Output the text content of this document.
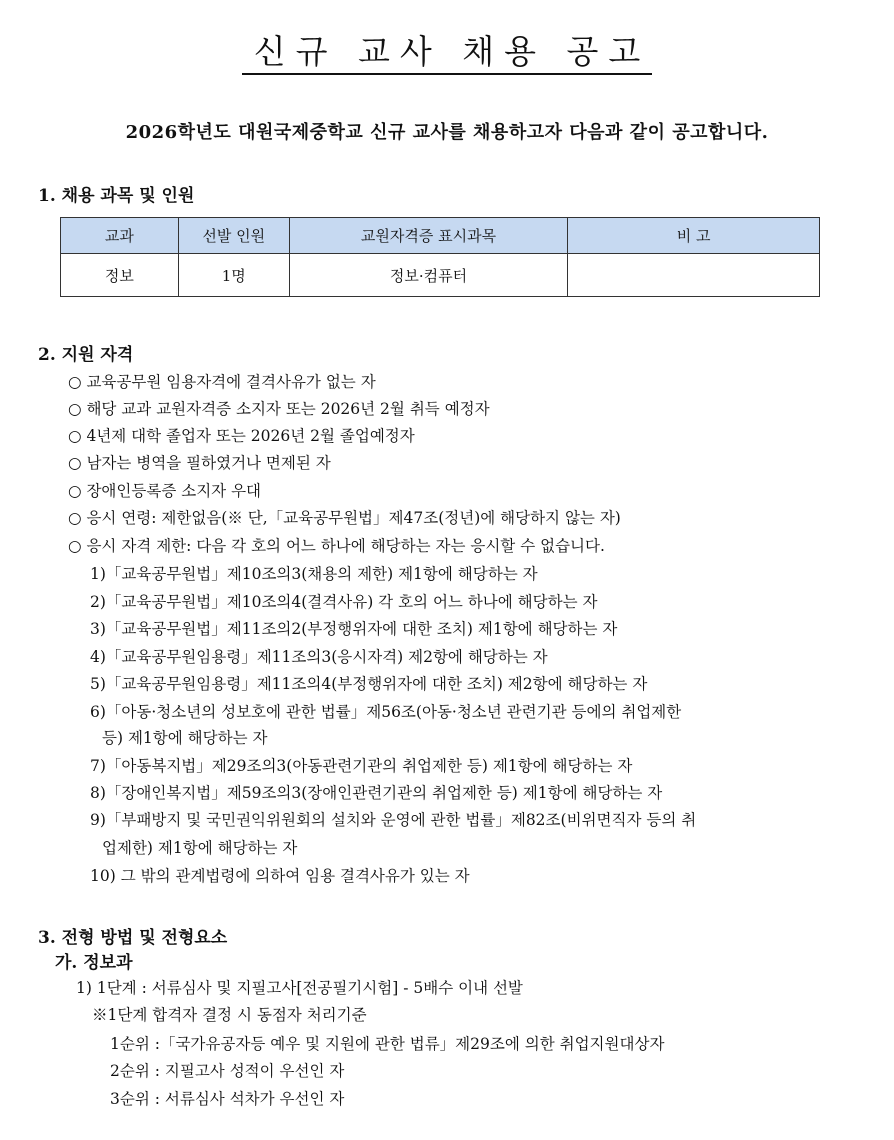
신규 교사 채용 공고

2026학년도 대원국제중학교 신규 교사를 채용하고자 다음과 같이 공고합니다.

1. 채용 과목 및 인원

교과	선발 인원	교원자격증 표시과목	비 고
정보	1명	정보·컴퓨터	

2. 지원 자격

○ 교육공무원 임용자격에 결격사유가 없는 자

○ 해당 교과 교원자격증 소지자 또는 2026년 2월 취득 예정자

○ 4년제 대학 졸업자 또는 2026년 2월 졸업예정자

○ 남자는 병역을 필하였거나 면제된 자

○ 장애인등록증 소지자 우대

○ 응시 연령: 제한없음(※ 단,「교육공무원법」제47조(정년)에 해당하지 않는 자)

○ 응시 자격 제한: 다음 각 호의 어느 하나에 해당하는 자는 응시할 수 없습니다.

1)「교육공무원법」제10조의3(채용의 제한) 제1항에 해당하는 자

2)「교육공무원법」제10조의4(결격사유) 각 호의 어느 하나에 해당하는 자

3)「교육공무원법」제11조의2(부정행위자에 대한 조치) 제1항에 해당하는 자

4)「교육공무원임용령」제11조의3(응시자격) 제2항에 해당하는 자

5)「교육공무원임용령」제11조의4(부정행위자에 대한 조치) 제2항에 해당하는 자

6)「아동·청소년의 성보호에 관한 법률」제56조(아동·청소년 관련기관 등에의 취업제한

등) 제1항에 해당하는 자

7)「아동복지법」제29조의3(아동관련기관의 취업제한 등) 제1항에 해당하는 자

8)「장애인복지법」제59조의3(장애인관련기관의 취업제한 등) 제1항에 해당하는 자

9)「부패방지 및 국민권익위원회의 설치와 운영에 관한 법률」제82조(비위면직자 등의 취

업제한) 제1항에 해당하는 자

10) 그 밖의 관계법령에 의하여 임용 결격사유가 있는 자

3. 전형 방법 및 전형요소

가. 정보과

1) 1단계 : 서류심사 및 지필고사[전공필기시험] - 5배수 이내 선발

※1단계 합격자 결정 시 동점자 처리기준

1순위 :「국가유공자등 예우 및 지원에 관한 법류」제29조에 의한 취업지원대상자

2순위 : 지필고사 성적이 우선인 자

3순위 : 서류심사 석차가 우선인 자
